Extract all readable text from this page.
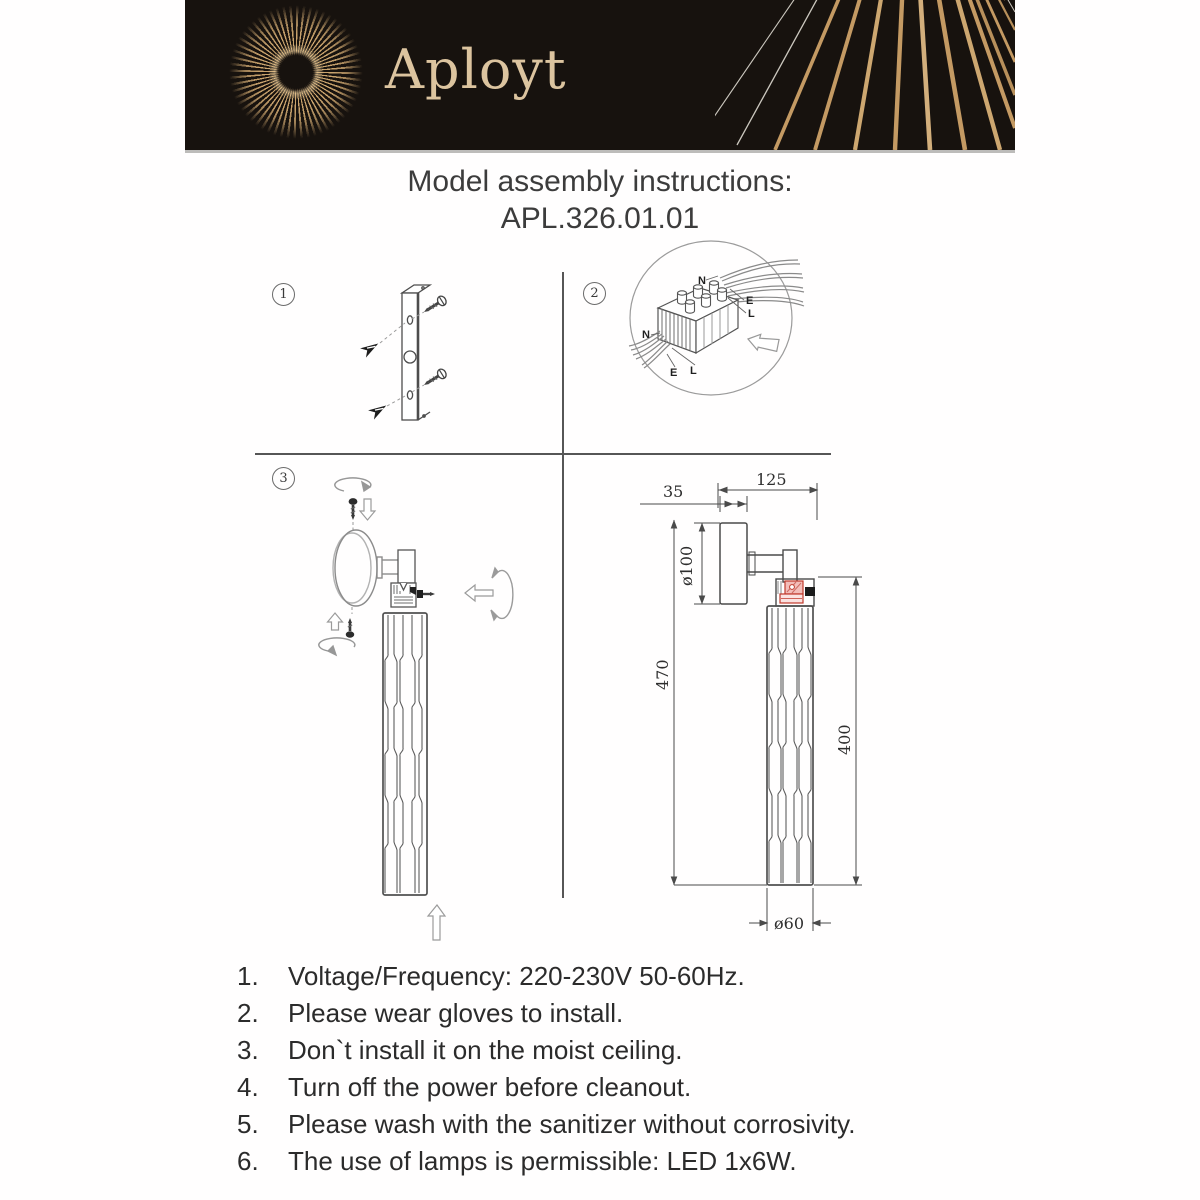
Aployt
Model assembly instructions:
APL.326.01.01
1	2
3
N
E
L
N
E L
35
125
ø100
470
400
ø60
1.	Voltage/Frequency: 220-230V 50-60Hz.
2.	Please wear gloves to install.
3.	Don`t install it on the moist ceiling.
4.	Turn off the power before cleanout.
5.	Please wash with the sanitizer without corrosivity.
6.	The use of lamps is permissible: LED 1x6W.
